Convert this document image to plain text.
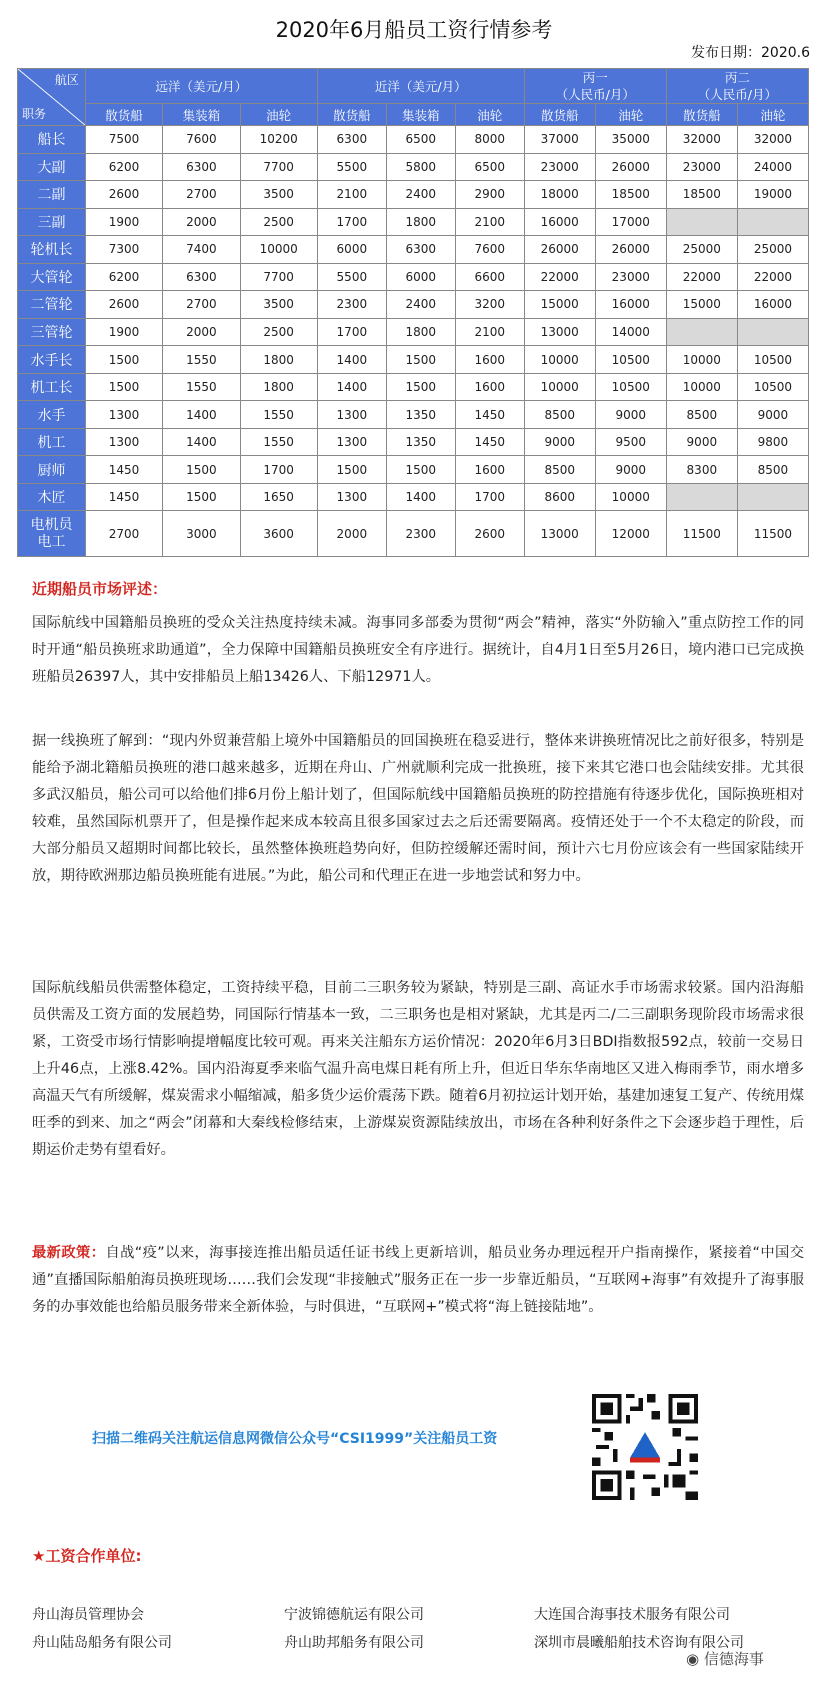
2020年6月船员工资行情参考
发布日期：2020.6
航区
职务	远洋（美元/月）			近洋（美元/月）			丙一
（人民币/月）		丙二
（人民币/月）	
	散货船	集装箱	油轮	散货船	集装箱	油轮	散货船	油轮	散货船	油轮
船长	7500	7600	10200	6300	6500	8000	37000	35000	32000	32000
大副	6200	6300	7700	5500	5800	6500	23000	26000	23000	24000
二副	2600	2700	3500	2100	2400	2900	18000	18500	18500	19000
三副	1900	2000	2500	1700	1800	2100	16000	17000		
轮机长	7300	7400	10000	6000	6300	7600	26000	26000	25000	25000
大管轮	6200	6300	7700	5500	6000	6600	22000	23000	22000	22000
二管轮	2600	2700	3500	2300	2400	3200	15000	16000	15000	16000
三管轮	1900	2000	2500	1700	1800	2100	13000	14000		
水手长	1500	1550	1800	1400	1500	1600	10000	10500	10000	10500
机工长	1500	1550	1800	1400	1500	1600	10000	10500	10000	10500
水手	1300	1400	1550	1300	1350	1450	8500	9000	8500	9000
机工	1300	1400	1550	1300	1350	1450	9000	9500	9000	9800
厨师	1450	1500	1700	1500	1500	1600	8500	9000	8300	8500
木匠	1450	1500	1650	1300	1400	1700	8600	10000		
电机员
电工	2700	3000	3600	2000	2300	2600	13000	12000	11500	11500
近期船员市场评述：
国际航线中国籍船员换班的受众关注热度持续未减。海事同多部委为贯彻“两会”精神，落实“外防输入”重点防控工作的同时开通“船员换班求助通道”，全力保障中国籍船员换班安全有序进行。据统计，自4月1日至5月26日，境内港口已完成换班船员26397人，其中安排船员上船13426人、下船12971人。
据一线换班了解到：“现内外贸兼营船上境外中国籍船员的回国换班在稳妥进行，整体来讲换班情况比之前好很多，特别是能给予湖北籍船员换班的港口越来越多，近期在舟山、广州就顺利完成一批换班，接下来其它港口也会陆续安排。尤其很多武汉船员，船公司可以给他们排6月份上船计划了，但国际航线中国籍船员换班的防控措施有待逐步优化，国际换班相对较难，虽然国际机票开了，但是操作起来成本较高且很多国家过去之后还需要隔离。疫情还处于一个不太稳定的阶段，而大部分船员又超期时间都比较长，虽然整体换班趋势向好，但防控缓解还需时间，预计六七月份应该会有一些国家陆续开放，期待欧洲那边船员换班能有进展。”为此，船公司和代理正在进一步地尝试和努力中。
国际航线船员供需整体稳定，工资持续平稳，目前二三职务较为紧缺，特别是三副、高证水手市场需求较紧。国内沿海船员供需及工资方面的发展趋势，同国际行情基本一致，二三职务也是相对紧缺，尤其是丙二/二三副职务现阶段市场需求很紧，工资受市场行情影响提增幅度比较可观。再来关注船东方运价情况：2020年6月3日BDI指数报592点，较前一交易日上升46点，上涨8.42%。国内沿海夏季来临气温升高电煤日耗有所上升，但近日华东华南地区又进入梅雨季节，雨水增多高温天气有所缓解，煤炭需求小幅缩减，船多货少运价震荡下跌。随着6月初拉运计划开始，基建加速复工复产、传统用煤旺季的到来、加之“两会”闭幕和大秦线检修结束，上游煤炭资源陆续放出，市场在各种利好条件之下会逐步趋于理性，后期运价走势有望看好。
最新政策：自战“疫”以来，海事接连推出船员适任证书线上更新培训，船员业务办理远程开户指南操作，紧接着“中国交通”直播国际船舶海员换班现场……我们会发现“非接触式”服务正在一步一步靠近船员，“互联网+海事”有效提升了海事服务的办事效能也给船员服务带来全新体验，与时俱进，“互联网+”模式将“海上链接陆地”。
扫描二维码关注航运信息网微信公众号“CSI1999”关注船员工资
★工资合作单位:
舟山海员管理协会	宁波锦德航运有限公司	大连国合海事技术服务有限公司
舟山陆岛船务有限公司	舟山助邦船务有限公司	深圳市晨曦船舶技术咨询有限公司
◉ 信德海事
